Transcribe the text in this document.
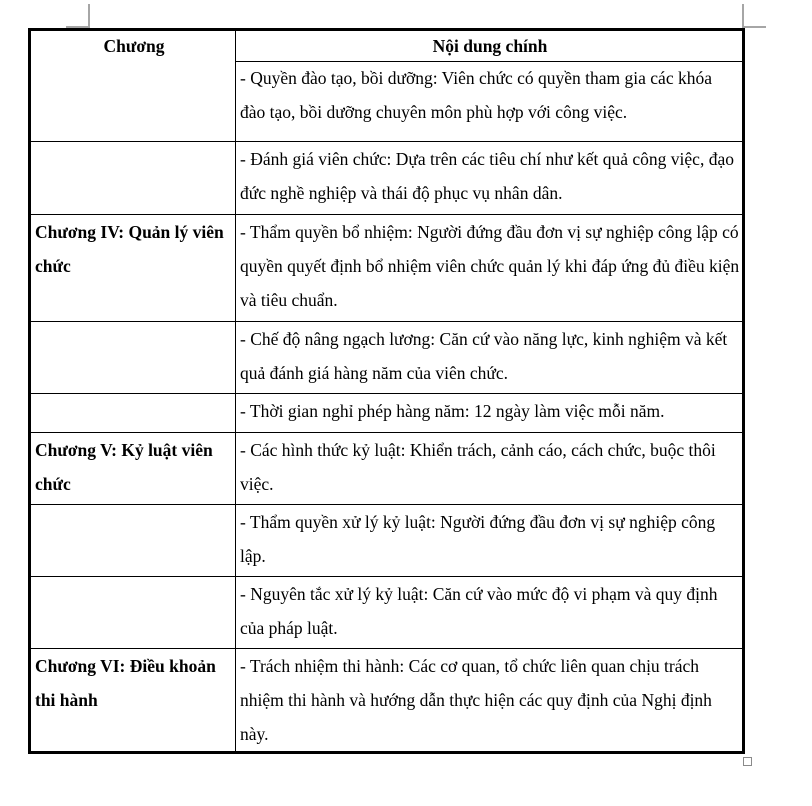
Chương	Nội dung chính

	- Quyền đào tạo, bồi dưỡng: Viên chức có quyền tham gia các khóa đào tạo, bồi dưỡng chuyên môn phù hợp với công việc.

	- Đánh giá viên chức: Dựa trên các tiêu chí như kết quả công việc, đạo đức nghề nghiệp và thái độ phục vụ nhân dân.
Chương IV: Quản lý viên chức	- Thẩm quyền bổ nhiệm: Người đứng đầu đơn vị sự nghiệp công lập có quyền quyết định bổ nhiệm viên chức quản lý khi đáp ứng đủ điều kiện và tiêu chuẩn.
	- Chế độ nâng ngạch lương: Căn cứ vào năng lực, kinh nghiệm và kết quả đánh giá hàng năm của viên chức.
	- Thời gian nghỉ phép hàng năm: 12 ngày làm việc mỗi năm.
Chương V: Kỷ luật viên chức	- Các hình thức kỷ luật: Khiển trách, cảnh cáo, cách chức, buộc thôi việc.
	- Thẩm quyền xử lý kỷ luật: Người đứng đầu đơn vị sự nghiệp công lập.
	- Nguyên tắc xử lý kỷ luật: Căn cứ vào mức độ vi phạm và quy định của pháp luật.
Chương VI: Điều khoản thi hành	- Trách nhiệm thi hành: Các cơ quan, tổ chức liên quan chịu trách nhiệm thi hành và hướng dẫn thực hiện các quy định của Nghị định này.
